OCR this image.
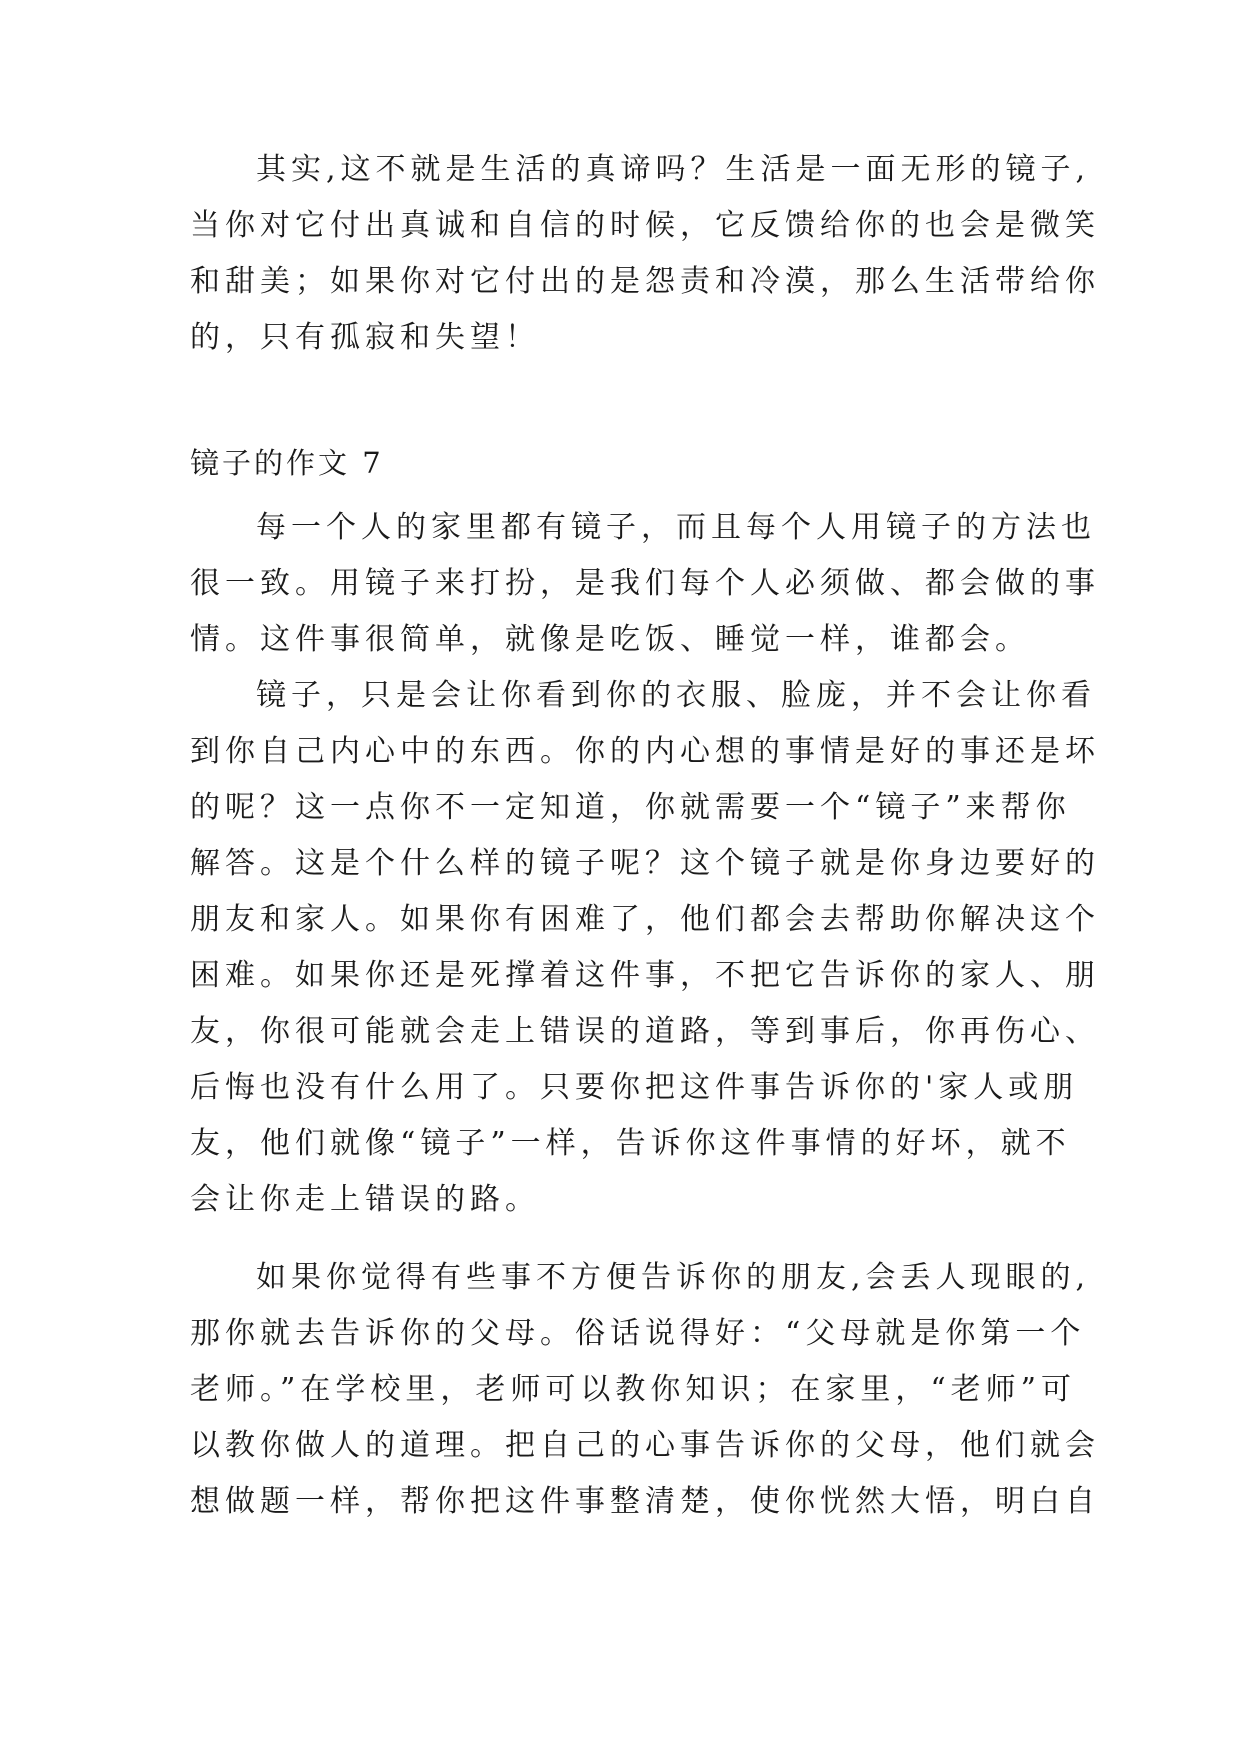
其实,这不就是生活的真谛吗？生活是一面无形的镜子,
当你对它付出真诚和自信的时候，它反馈给你的也会是微笑
和甜美；如果你对它付出的是怨责和冷漠，那么生活带给你
的，只有孤寂和失望！
镜子的作文 7
每一个人的家里都有镜子，而且每个人用镜子的方法也
很一致。用镜子来打扮，是我们每个人必须做、都会做的事
情。这件事很简单，就像是吃饭、睡觉一样，谁都会。
镜子，只是会让你看到你的衣服、脸庞，并不会让你看
到你自己内心中的东西。你的内心想的事情是好的事还是坏
的呢？这一点你不一定知道，你就需要一个“镜子”来帮你
解答。这是个什么样的镜子呢？这个镜子就是你身边要好的
朋友和家人。如果你有困难了，他们都会去帮助你解决这个
困难。如果你还是死撑着这件事，不把它告诉你的家人、朋
友，你很可能就会走上错误的道路，等到事后，你再伤心、
后悔也没有什么用了。只要你把这件事告诉你的'家人或朋
友，他们就像“镜子”一样，告诉你这件事情的好坏，就不
会让你走上错误的路。
如果你觉得有些事不方便告诉你的朋友,会丢人现眼的,
那你就去告诉你的父母。俗话说得好：“父母就是你第一个
老师。”在学校里，老师可以教你知识；在家里，“老师”可
以教你做人的道理。把自己的心事告诉你的父母，他们就会
想做题一样，帮你把这件事整清楚，使你恍然大悟，明白自
